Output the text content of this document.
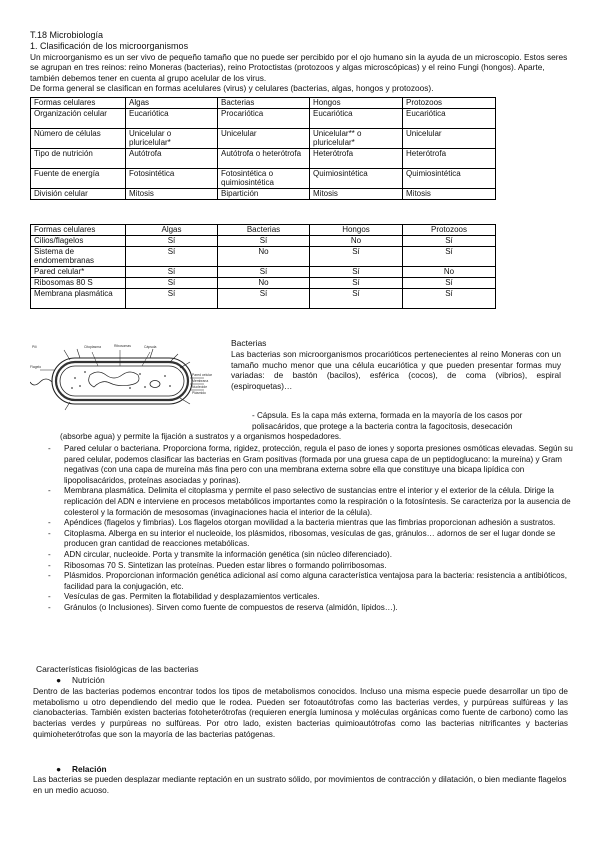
T.18 Microbiología
1. Clasificación de los microorganismos
Un microorganismo es un ser vivo de pequeño tamaño que no puede ser percibido por el ojo humano sin la ayuda de un microscopio. Estos seres se agrupan en tres reinos: reino Moneras (bacterias), reino Protoctistas (protozoos y algas microscópicas) y el reino Fungi (hongos). Aparte, también debemos tener en cuenta al grupo acelular de los virus.
De forma general se clasifican en formas acelulares (virus) y celulares (bacterias, algas, hongos y protozoos).
Formas celulares	Algas	Bacterias	Hongos	Protozoos
Organización celular	Eucariótica	Procariótica	Eucariótica	Eucariótica
Número de células	Unicelular o pluricelular*	Unicelular	Unicelular** o pluricelular*	Unicelular
Tipo de nutrición	Autótrofa	Autótrofa o heterótrofa	Heterótrofa	Heterótrofa
Fuente de energía	Fotosintética	Fotosintética o quimiosintética	Quimiosintética	Quimiosintética
División celular	Mitosis	Bipartición	Mitosis	Mitosis
Formas celulares	Algas	Bacterias	Hongos	Protozoos
Cilios/flagelos	Sí	Sí	No	Sí
Sistema de endomembranas	Sí	No	Sí	Sí
Pared celular*	Sí	Sí	Sí	No
Ribosomas 80 S	Sí	No	Sí	Sí
Membrana plasmática	Sí	Sí	Sí	Sí
Pili	Citoplasma	Ribosomas	Cápsula
Pared celular
Membrana
Flagelo
Nucleoide
Plásmido
Bacterias
Las bacterias son microorganismos procarióticos pertenecientes al reino Moneras con un tamaño mucho menor que una célula eucariótica y que pueden presentar formas muy variadas: de bastón (bacilos), esférica (cocos), de coma (vibrios), espiral (espiroquetas)…
- Cápsula. Es la capa más externa, formada en la mayoría de los casos por polisacáridos, que protege a la bacteria contra la fagocitosis, desecación
(absorbe agua) y permite la fijación a sustratos y a organismos hospedadores.
- Pared celular o bacteriana. Proporciona forma, rigidez, protección, regula el paso de iones y soporta presiones osmóticas elevadas. Según su pared celular, podemos clasificar las bacterias en Gram positivas (formada por una gruesa capa de un peptidoglucano: la mureína) y Gram negativas (con una capa de mureína más fina pero con una membrana externa sobre ella que constituye una bicapa lipídica con lipopolisacáridos, proteínas asociadas y porinas).
- Membrana plasmática. Delimita el citoplasma y permite el paso selectivo de sustancias entre el interior y el exterior de la célula. Dirige la replicación del ADN e interviene en procesos metabólicos importantes como la respiración o la fotosíntesis. Se caracteriza por la ausencia de colesterol y la formación de mesosomas (invaginaciones hacia el interior de la célula).
- Apéndices (flagelos y fimbrias). Los flagelos otorgan movilidad a la bacteria mientras que las fimbrias proporcionan adhesión a sustratos.
- Citoplasma. Alberga en su interior el nucleoide, los plásmidos, ribosomas, vesículas de gas, gránulos… adornos de ser el lugar donde se producen gran cantidad de reacciones metabólicas.
- ADN circular, nucleoide. Porta y transmite la información genética (sin núcleo diferenciado).
- Ribosomas 70 S. Sintetizan las proteínas. Pueden estar libres o formando polirribosomas.
- Plásmidos. Proporcionan información genética adicional así como alguna característica ventajosa para la bacteria: resistencia a antibióticos, facilidad para la conjugación, etc.
- Vesículas de gas. Permiten la flotabilidad y desplazamientos verticales.
- Gránulos (o Inclusiones). Sirven como fuente de compuestos de reserva (almidón, lípidos…).
Características fisiológicas de las bacterias
● Nutrición
Dentro de las bacterias podemos encontrar todos los tipos de metabolismos conocidos. Incluso una misma especie puede desarrollar un tipo de metabolismo u otro dependiendo del medio que le rodea. Pueden ser fotoautótrofas como las bacterias verdes, y purpúreas sulfúreas y las cianobacterias. También existen bacterias fotoheterótrofas (requieren energía luminosa y moléculas orgánicas como fuente de carbono) como las bacterias verdes y purpúreas no sulfúreas. Por otro lado, existen bacterias quimioautótrofas como las bacterias nitrificantes y bacterias quimioheterótrofas que son la mayoría de las bacterias patógenas.
● Relación
Las bacterias se pueden desplazar mediante reptación en un sustrato sólido, por movimientos de contracción y dilatación, o bien mediante flagelos en un medio acuoso.
